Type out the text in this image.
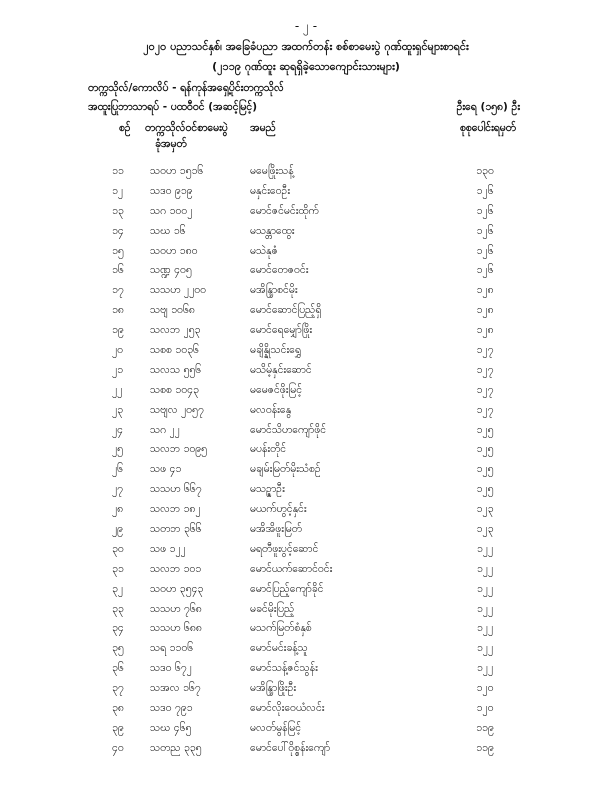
- ၂ -
၂၀၂၀ ပညာသင်နှစ်၊ အခြေခံပညာ အထက်တန်း စစ်စာမေးပွဲ ဂုဏ်ထူးရှင်များစာရင်း
(၂၁၁၉ ဂုဏ်ထူး ဆုရရှိခဲ့သောကျောင်းသားများ)
တက္ကသိုလ်/ကောလိပ် - ရန်ကုန်အရှေ့ပိုင်းတက္ကသိုလ်
အထူးပြုဘာသာရပ် - ပထဝီဝင် (အဆင့်မြင့်)	ဦးရေ (၁၅၈) ဦး
စဉ် တက္ကသိုလ်ဝင်စာမေးပွဲ
ခုံအမှတ်
အမည်	စုစုပေါင်းရမှတ်
၁၁	သဝဟ ၁၅၁၆	မမေဖြိုးသန့်	၁၃၀
၁၂	သဒဝ ၉၁၉	မနှင်းဝေဦး	၁၂၆
၁၃	သဂ ၁၀၀၂	မောင်ဇင်မင်းထိုက်	၁၂၆
၁၄	သဃ ၁၆	မသန္တာထွေး	၁၂၆
၁၅	သဝဟ ၁၈၀	မသဲနုဇံ	၁၂၆
၁၆	သဏ္ဍ ၄၀၅	မောင်တေဇဝင်း	၁၂၆
၁၇	သသဟ ၂၂၀၀	မအိန္ဒြာစင်မိုး	၁၂၈
၁၈	သဗျ ၁၀၆၈	မောင်ဆောင်ပြည့်ရှိ	၁၂၈
၁၉	သလဘ ၂၅၃	မောင်ရေမျှော်ဖြိုး	၁၂၈
၂၀	သစစ ၁၀၃၆	မချိန္နိုသင်းရွှေ	၁၂၇
၂၁	သလသ ၅၅၆	မသိမ့်နှင်းဆောင်	၁၂၇
၂၂	သစစ ၁၀၄၃	မမေဇင်ဖိုးမြင့်	၁၂၇
၂၃	သဗျလ ၂၀၅၇	မလဝန်းနွေ	၁၂၇
၂၄	သဂ ၂၂	မောင်သိဟကျော်ဖိုင်	၁၂၅
၂၅	သလဘ ၁၀၉၅	မပန်းတိုင်	၁၂၅
၂၆	သဖ ၄၁	မချမ်းမြတ်မိုးသံစဉ်	၁၂၅
၂၇	သသဟ ၆၆၇	မသဥ္ဇာဦး	၁၂၅
၂၈	သလဘ ၁၈၂	မယက်ဟွင့်နှင်း	၁၂၃
၂၉	သတဘ ၃၆၆	မအိအိဖူးမြတ်	၁၂၃
၃၀	သဖ ၁၂၂	မရတီဖူးပွင့်ဆောင်	၁၂၂
၃၁	သလဘ ၁၀၁	မောင်ယက်ဆောင်ဝင်း	၁၂၂
၃၂	သဝဟ ၃၅၄၃	မောင်ပြည့်ကျော်ခိုင်	၁၂၂
၃၃	သသဟ ၇၆၈	မခင်မိုးပြည့်	၁၂၂
၃၄	သသဟ ၆၈၈	မသက်မြတ်စံနှစ်	၁၂၂
၃၅	သရ ၁၁၀၆	မောင်မင်းခန့်သူ	၁၂၂
၃၆	သဒဝ ၆၇၂	မောင်သန့်ဇင်သွန်း	၁၂၂
၃၇	သအလ ၁၆၇	မအိန္ဒြာဖြိုးဦး	၁၂၀
၃၈	သဒဝ ၇၉၁	မောင်လိုးဝေယံလင်း	၁၂၀
၃၉	သဃ ၄၆၅	မလတ်မွန်မြင့်	၁၁၉
၄၀	သတည ၃၃၅	မောင်ပေါ်ဝိုစ္စန်းကျော်	၁၁၉
